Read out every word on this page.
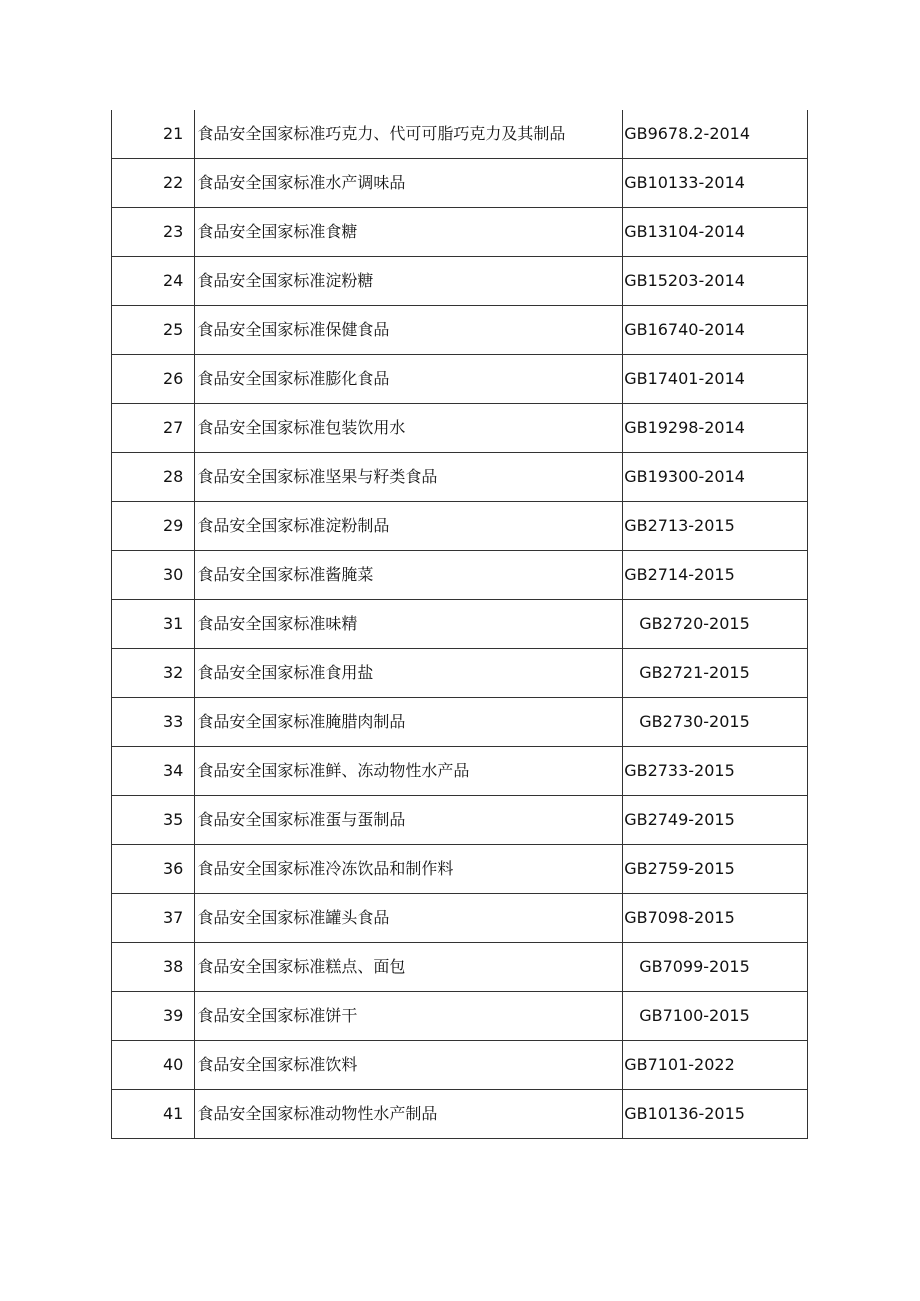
21	食品安全国家标准巧克力、代可可脂巧克力及其制品	GB9678.2-2014
22	食品安全国家标准水产调味品	GB10133-2014
23	食品安全国家标准食糖	GB13104-2014
24	食品安全国家标准淀粉糖	GB15203-2014
25	食品安全国家标准保健食品	GB16740-2014
26	食品安全国家标准膨化食品	GB17401-2014
27	食品安全国家标准包装饮用水	GB19298-2014
28	食品安全国家标准坚果与籽类食品	GB19300-2014
29	食品安全国家标准淀粉制品	GB2713-2015
30	食品安全国家标准酱腌菜	GB2714-2015
31	食品安全国家标准味精	GB2720-2015
32	食品安全国家标准食用盐	GB2721-2015
33	食品安全国家标准腌腊肉制品	GB2730-2015
34	食品安全国家标准鲜、冻动物性水产品	GB2733-2015
35	食品安全国家标准蛋与蛋制品	GB2749-2015
36	食品安全国家标准冷冻饮品和制作料	GB2759-2015
37	食品安全国家标准罐头食品	GB7098-2015
38	食品安全国家标准糕点、面包	GB7099-2015
39	食品安全国家标准饼干	GB7100-2015
40	食品安全国家标准饮料	GB7101-2022
41	食品安全国家标准动物性水产制品	GB10136-2015
